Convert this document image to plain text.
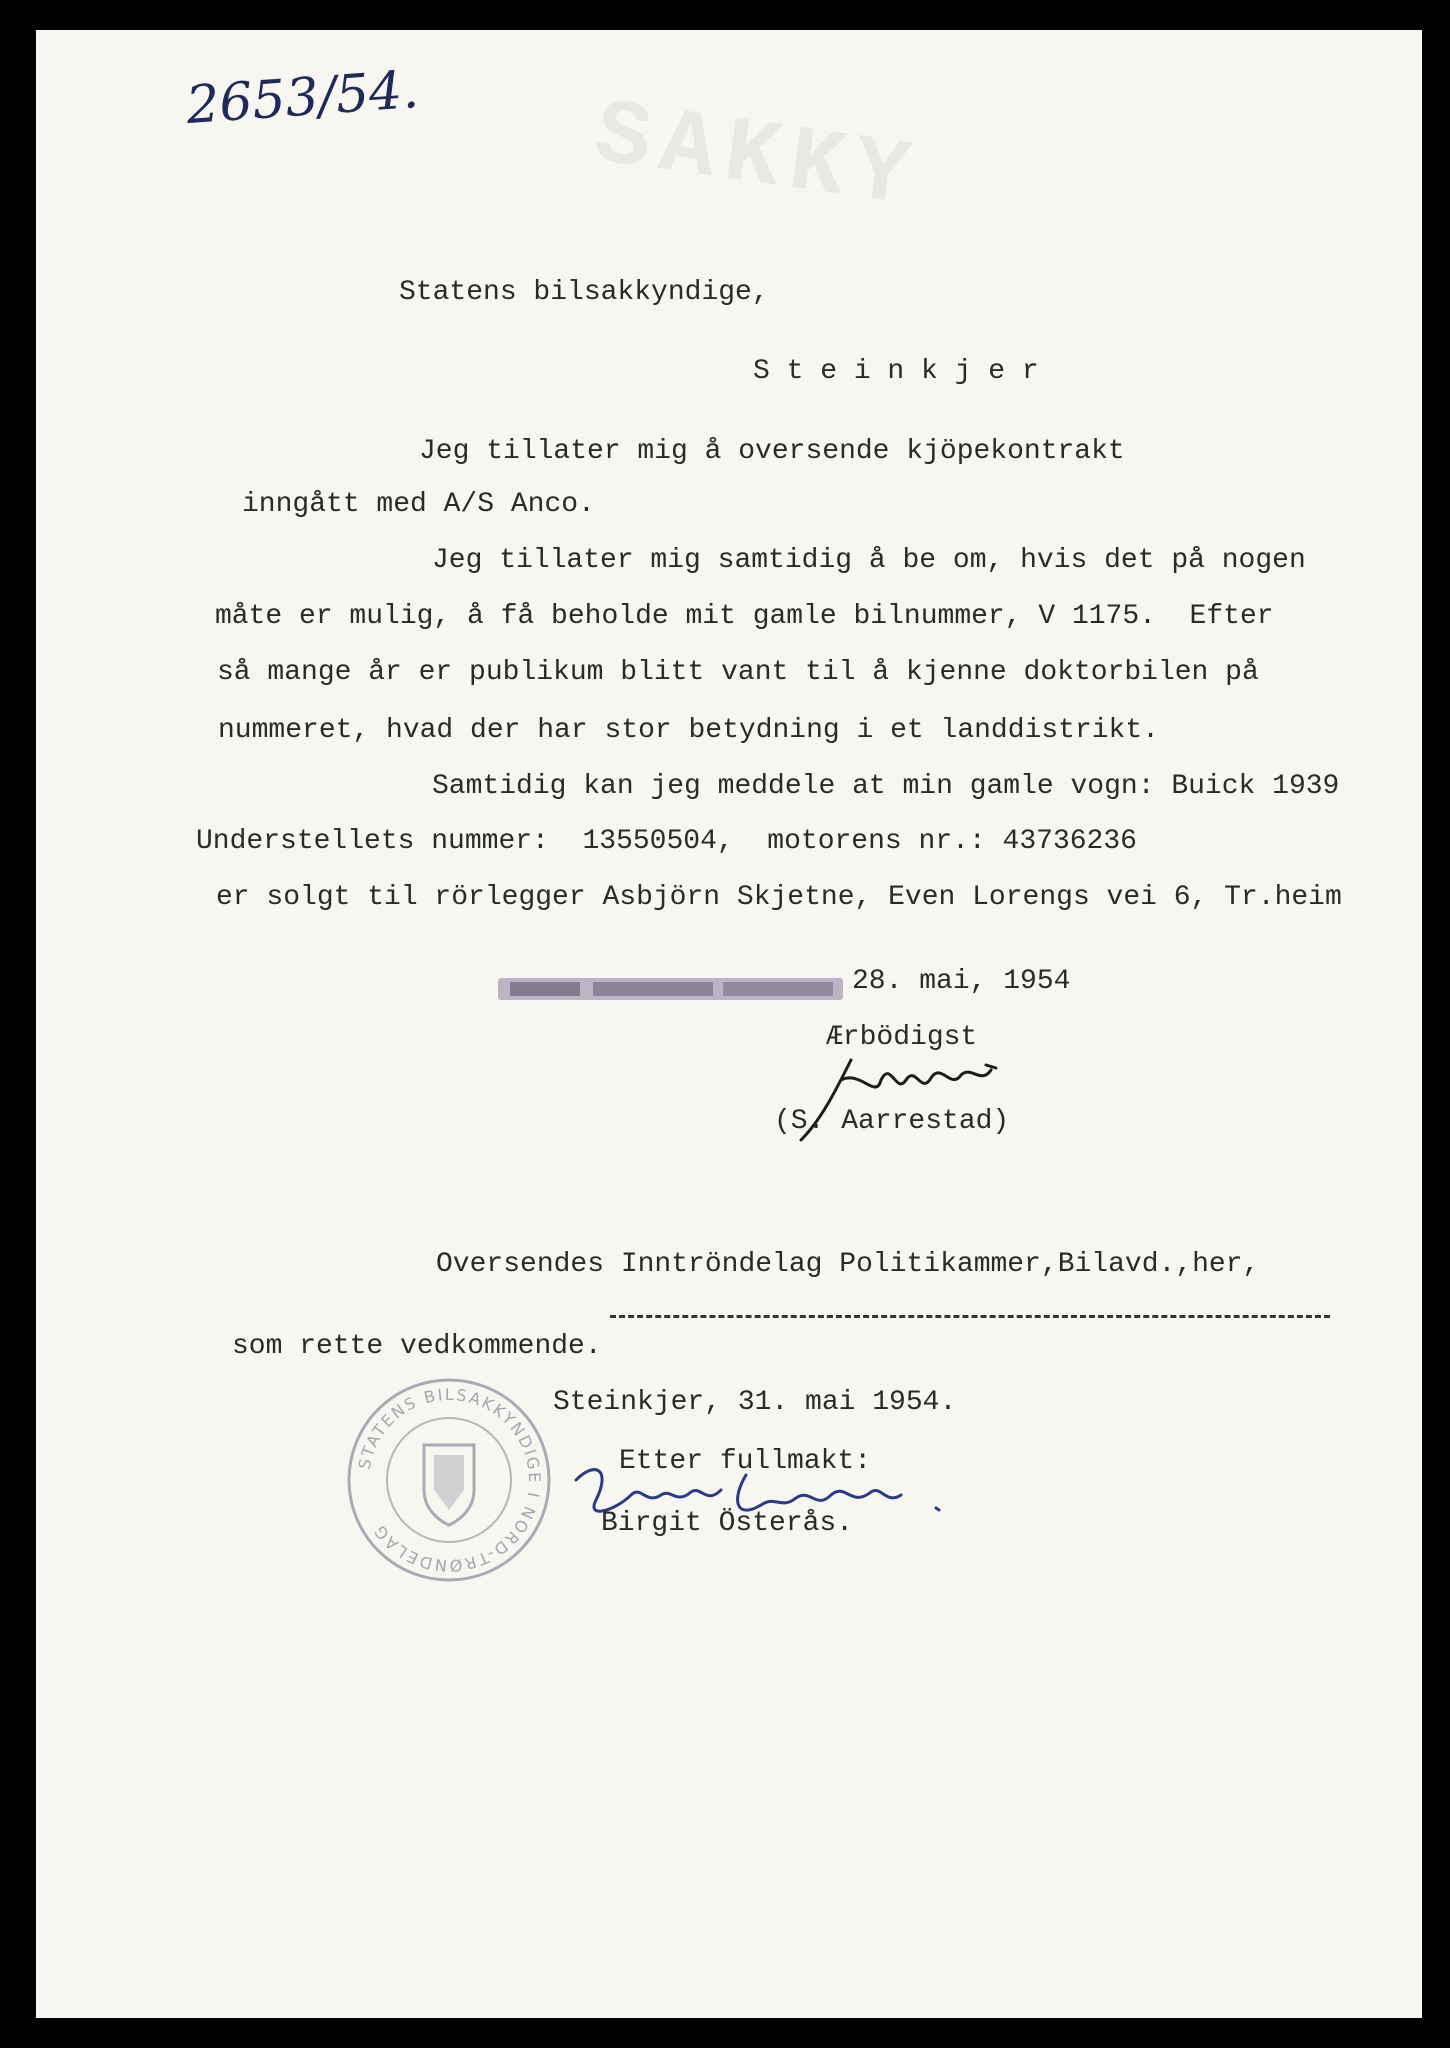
SAKKY
2653/54.
Statens bilsakkyndige,
S t e i n k j e r
Jeg tillater mig å oversende kjöpekontrakt
inngått med A/S Anco.
Jeg tillater mig samtidig å be om, hvis det på nogen
måte er mulig, å få beholde mit gamle bilnummer, V 1175.  Efter
så mange år er publikum blitt vant til å kjenne doktorbilen på
nummeret, hvad der har stor betydning i et landdistrikt.
Samtidig kan jeg meddele at min gamle vogn: Buick 1939
Understellets nummer:  13550504,  motorens nr.: 43736236
er solgt til rörlegger Asbjörn Skjetne, Even Lorengs vei 6, Tr.heim
28. mai, 1954
Ærbödigst
(S. Aarrestad)
Oversendes Inntröndelag Politikammer,Bilavd.,her,
som rette vedkommende.
Steinkjer, 31. mai 1954.
Etter fullmakt:
Birgit Österås.
STATENS BILSAKKYNDIGE I NORD-TRØNDELAG
